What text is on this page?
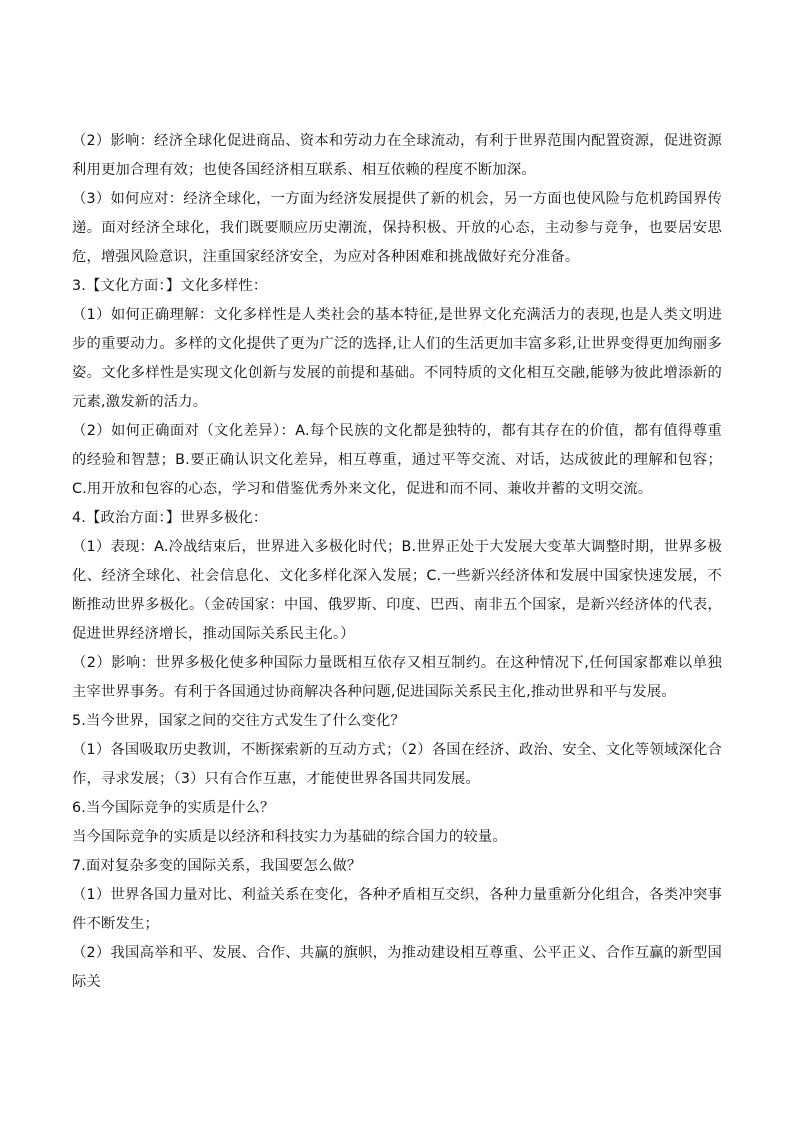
（2）影响：经济全球化促进商品、资本和劳动力在全球流动，有利于世界范围内配置资源，促进资源利用更加合理有效；也使各国经济相互联系、相互依赖的程度不断加深。

（3）如何应对：经济全球化，一方面为经济发展提供了新的机会，另一方面也使风险与危机跨国界传递。面对经济全球化，我们既要顺应历史潮流，保持积极、开放的心态，主动参与竞争，也要居安思危，增强风险意识，注重国家经济安全，为应对各种困难和挑战做好充分准备。

3.【文化方面：】文化多样性：

（1）如何正确理解：文化多样性是人类社会的基本特征,是世界文化充满活力的表现,也是人类文明进步的重要动力。多样的文化提供了更为广泛的选择,让人们的生活更加丰富多彩,让世界变得更加绚丽多姿。文化多样性是实现文化创新与发展的前提和基础。不同特质的文化相互交融,能够为彼此增添新的元素,激发新的活力。

（2）如何正确面对（文化差异）：A.每个民族的文化都是独特的，都有其存在的价值，都有值得尊重的经验和智慧；B.要正确认识文化差异，相互尊重，通过平等交流、对话，达成彼此的理解和包容；C.用开放和包容的心态，学习和借鉴优秀外来文化，促进和而不同、兼收并蓄的文明交流。

4.【政治方面：】世界多极化：

（1）表现：A.冷战结束后，世界进入多极化时代；B.世界正处于大发展大变革大调整时期，世界多极化、经济全球化、社会信息化、文化多样化深入发展；C.一些新兴经济体和发展中国家快速发展，不断推动世界多极化。（金砖国家：中国、俄罗斯、印度、巴西、南非五个国家，是新兴经济体的代表，促进世界经济增长，推动国际关系民主化。）

（2）影响：世界多极化使多种国际力量既相互依存又相互制约。在这种情况下,任何国家都难以单独主宰世界事务。有利于各国通过协商解决各种问题,促进国际关系民主化,推动世界和平与发展。

5.当今世界，国家之间的交往方式发生了什么变化？

（1）各国吸取历史教训，不断探索新的互动方式；（2）各国在经济、政治、安全、文化等领域深化合作，寻求发展；（3）只有合作互惠，才能使世界各国共同发展。

6.当今国际竞争的实质是什么？

当今国际竞争的实质是以经济和科技实力为基础的综合国力的较量。

7.面对复杂多变的国际关系，我国要怎么做？

（1）世界各国力量对比、利益关系在变化，各种矛盾相互交织，各种力量重新分化组合，各类冲突事件不断发生；

（2）我国高举和平、发展、合作、共赢的旗帜，为推动建设相互尊重、公平正义、合作互赢的新型国际关
